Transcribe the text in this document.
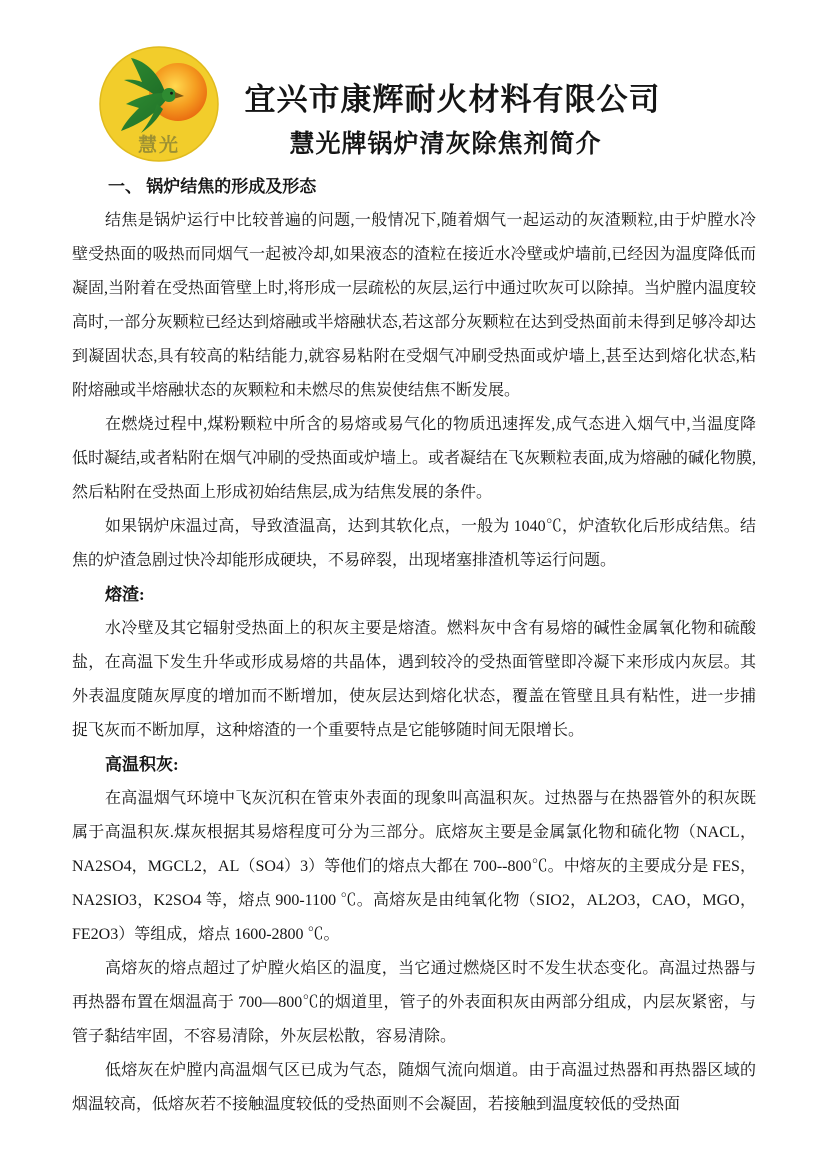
慧光
宜兴市康辉耐火材料有限公司
慧光牌锅炉清灰除焦剂简介
一、 锅炉结焦的形成及形态

结焦是锅炉运行中比较普遍的问题,一般情况下,随着烟气一起运动的灰渣颗粒,由于炉膛水冷壁受热面的吸热而同烟气一起被冷却,如果液态的渣粒在接近水冷壁或炉墙前,已经因为温度降低而凝固,当附着在受热面管壁上时,将形成一层疏松的灰层,运行中通过吹灰可以除掉。当炉膛内温度较高时,一部分灰颗粒已经达到熔融或半熔融状态,若这部分灰颗粒在达到受热面前未得到足够冷却达到凝固状态,具有较高的粘结能力,就容易粘附在受烟气冲刷受热面或炉墙上,甚至达到熔化状态,粘附熔融或半熔融状态的灰颗粒和未燃尽的焦炭使结焦不断发展。

在燃烧过程中,煤粉颗粒中所含的易熔或易气化的物质迅速挥发,成气态进入烟气中,当温度降低时凝结,或者粘附在烟气冲刷的受热面或炉墙上。或者凝结在飞灰颗粒表面,成为熔融的碱化物膜,然后粘附在受热面上形成初始结焦层,成为结焦发展的条件。

如果锅炉床温过高，导致渣温高，达到其软化点，一般为 1040℃，炉渣软化后形成结焦。结焦的炉渣急剧过快冷却能形成硬块，不易碎裂，出现堵塞排渣机等运行问题。

熔渣:

水冷壁及其它辐射受热面上的积灰主要是熔渣。燃料灰中含有易熔的碱性金属氧化物和硫酸盐，在高温下发生升华或形成易熔的共晶体，遇到较冷的受热面管壁即冷凝下来形成内灰层。其外表温度随灰厚度的增加而不断增加，使灰层达到熔化状态，覆盖在管壁且具有粘性，进一步捕捉飞灰而不断加厚，这种熔渣的一个重要特点是它能够随时间无限增长。

高温积灰:

在高温烟气环境中飞灰沉积在管束外表面的现象叫高温积灰。过热器与在热器管外的积灰既属于高温积灰.煤灰根据其易熔程度可分为三部分。底熔灰主要是金属氯化物和硫化物（NACL，NA2SO4，MGCL2，AL（SO4）3）等他们的熔点大都在 700--800℃。中熔灰的主要成分是 FES，NA2SIO3，K2SO4 等，熔点 900-1100 ℃。高熔灰是由纯氧化物（SIO2，AL2O3，CAO，MGO，FE2O3）等组成，熔点 1600-2800 ℃。

高熔灰的熔点超过了炉膛火焰区的温度，当它通过燃烧区时不发生状态变化。高温过热器与再热器布置在烟温高于 700—800℃的烟道里，管子的外表面积灰由两部分组成，内层灰紧密，与管子黏结牢固，不容易清除，外灰层松散，容易清除。

低熔灰在炉膛内高温烟气区已成为气态，随烟气流向烟道。由于高温过热器和再热器区域的烟温较高，低熔灰若不接触温度较低的受热面则不会凝固，若接触到温度较低的受热面
